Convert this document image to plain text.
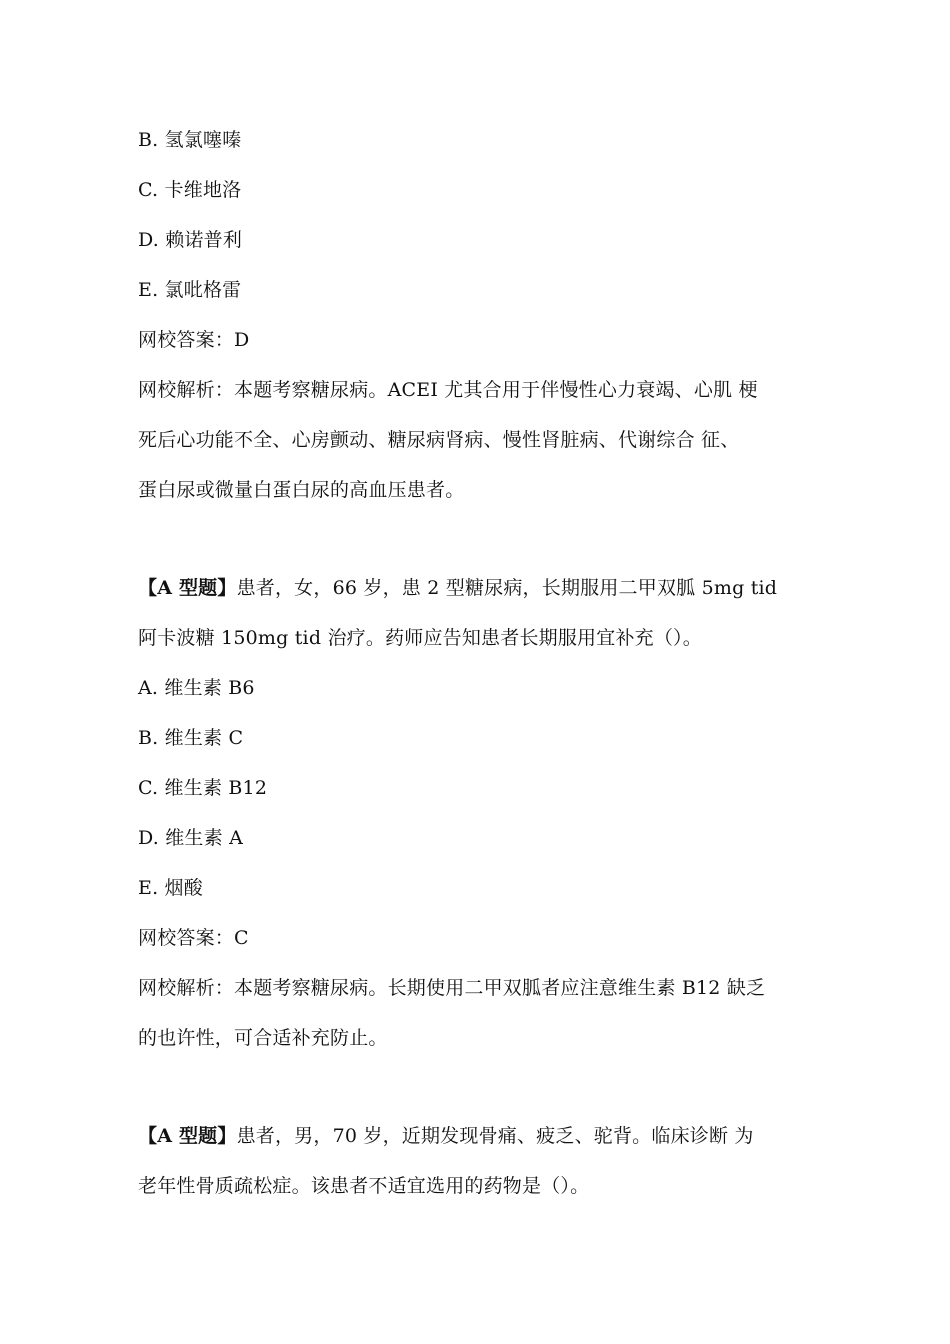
B. 氢氯噻嗪
C. 卡维地洛
D. 赖诺普利
E. 氯吡格雷
网校答案：D
网校解析：本题考察糖尿病。ACEI 尤其合用于伴慢性心力衰竭、心肌 梗
死后心功能不全、心房颤动、糖尿病肾病、慢性肾脏病、代谢综合 征、
蛋白尿或微量白蛋白尿的高血压患者。
【A 型题】患者，女，66 岁，患 2 型糖尿病，长期服用二甲双胍 5mg tid
阿卡波糖 150mg tid 治疗。药师应告知患者长期服用宜补充（）。
A. 维生素 B6
B. 维生素 C
C. 维生素 B12
D. 维生素 A
E. 烟酸
网校答案：C
网校解析：本题考察糖尿病。长期使用二甲双胍者应注意维生素 B12 缺乏
的也许性，可合适补充防止。
【A 型题】患者，男，70 岁，近期发现骨痛、疲乏、驼背。临床诊断 为
老年性骨质疏松症。该患者不适宜选用的药物是（）。
